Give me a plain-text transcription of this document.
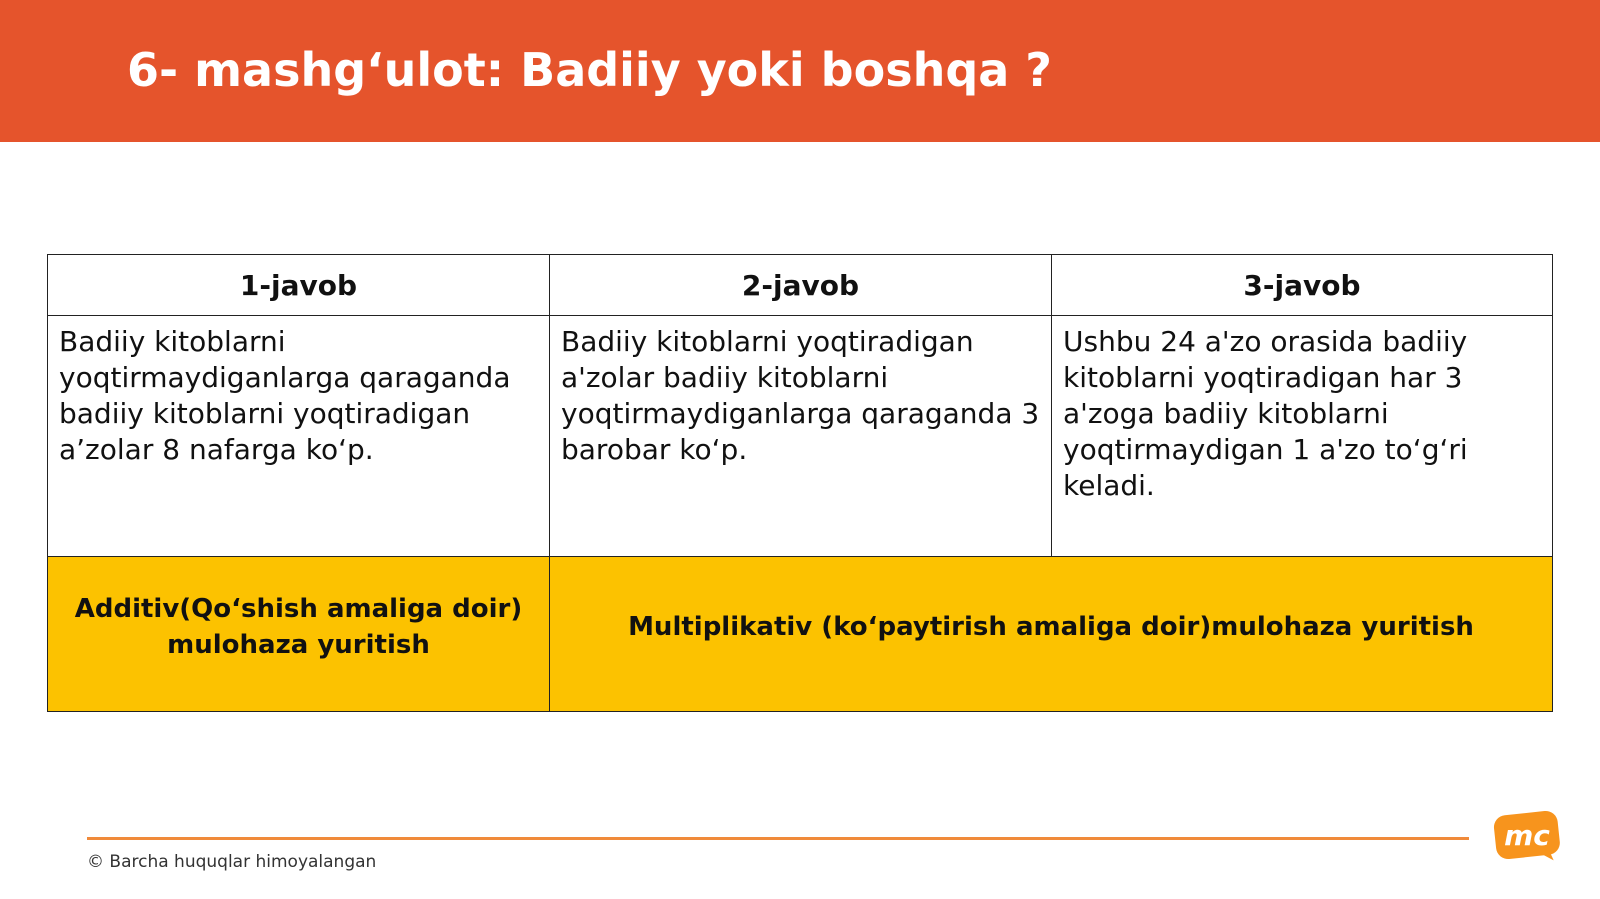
6- mashg‘ulot: Badiiy yoki boshqa ?
1-javob	2-javob	3-javob

Badiiy kitoblarni yoqtirmaydiganlarga qaraganda badiiy kitoblarni yoqtiradigan a’zolar 8 nafarga ko‘p.	Badiiy kitoblarni yoqtiradigan a'zolar badiiy kitoblarni yoqtirmaydiganlarga qaraganda 3 barobar ko‘p.	Ushbu 24 a'zo orasida badiiy kitoblarni yoqtiradigan har 3 a'zoga badiiy kitoblarni yoqtirmaydigan 1 a'zo to‘g‘ri keladi.

Additiv(Qo‘shish amaliga doir) mulohaza yuritish	Multiplikativ (ko‘paytirish amaliga doir)mulohaza yuritish	
© Barcha huquqlar himoyalangan
mc
